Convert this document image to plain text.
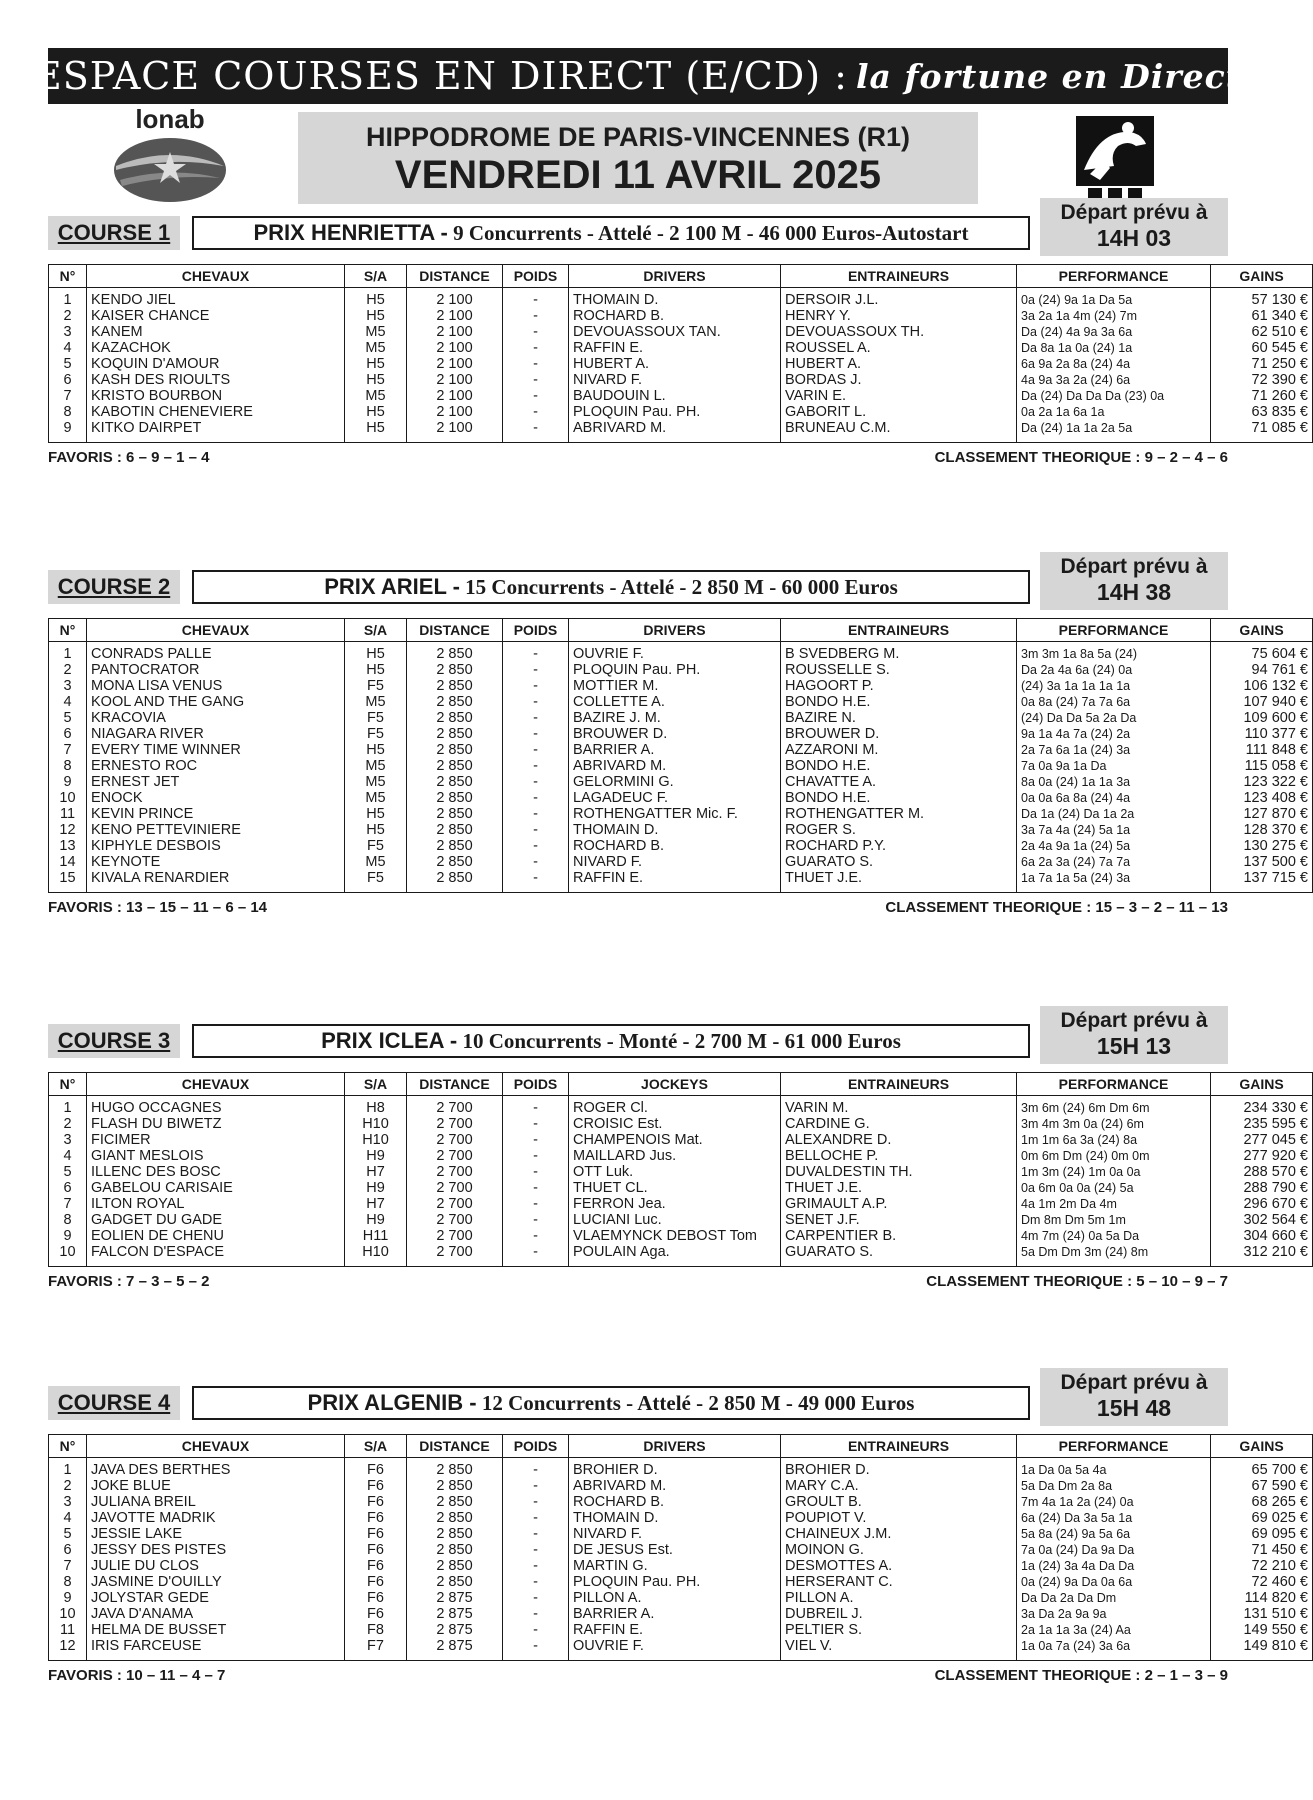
ESPACE COURSES EN DIRECT (E/CD) : la fortune en Direct
lonab
HIPPODROME DE PARIS-VINCENNES (R1)
VENDREDI 11 AVRIL 2025
COURSE 1	PRIX HENRIETTA - 9 Concurrents - Attelé - 2 100 M - 46 000 Euros-Autostart
Départ prévu à
14H 03
N°	CHEVAUX	S/A	DISTANCE	POIDS	DRIVERS	ENTRAINEURS	PERFORMANCE	GAINS
1	KENDO JIEL	H5	2 100	-	THOMAIN D.	DERSOIR J.L.	0a (24) 9a 1a Da 5a	57 130 €
2	KAISER CHANCE	H5	2 100	-	ROCHARD B.	HENRY Y.	3a 2a 1a 4m (24) 7m	61 340 €
3	KANEM	M5	2 100	-	DEVOUASSOUX TAN.	DEVOUASSOUX TH.	Da (24) 4a 9a 3a 6a	62 510 €
4	KAZACHOK	M5	2 100	-	RAFFIN E.	ROUSSEL A.	Da 8a 1a 0a (24) 1a	60 545 €
5	KOQUIN D'AMOUR	H5	2 100	-	HUBERT A.	HUBERT A.	6a 9a 2a 8a (24) 4a	71 250 €
6	KASH DES RIOULTS	H5	2 100	-	NIVARD F.	BORDAS J.	4a 9a 3a 2a (24) 6a	72 390 €
7	KRISTO BOURBON	M5	2 100	-	BAUDOUIN L.	VARIN E.	Da (24) Da Da Da (23) 0a	71 260 €
8	KABOTIN CHENEVIERE	H5	2 100	-	PLOQUIN Pau. PH.	GABORIT L.	0a 2a 1a 6a 1a	63 835 €
9	KITKO DAIRPET	H5	2 100	-	ABRIVARD M.	BRUNEAU C.M.	Da (24) 1a 1a 2a 5a	71 085 €
FAVORIS : 6 – 9 – 1 – 4	CLASSEMENT THEORIQUE : 9 – 2 – 4 – 6
COURSE 2	PRIX ARIEL - 15 Concurrents - Attelé - 2 850 M - 60 000 Euros
Départ prévu à
14H 38
N°	CHEVAUX	S/A	DISTANCE	POIDS	DRIVERS	ENTRAINEURS	PERFORMANCE	GAINS
1	CONRADS PALLE	H5	2 850	-	OUVRIE F.	B SVEDBERG M.	3m 3m 1a 8a 5a (24)	75 604 €
2	PANTOCRATOR	H5	2 850	-	PLOQUIN Pau. PH.	ROUSSELLE S.	Da 2a 4a 6a (24) 0a	94 761 €
3	MONA LISA VENUS	F5	2 850	-	MOTTIER M.	HAGOORT P.	(24) 3a 1a 1a 1a 1a	106 132 €
4	KOOL AND THE GANG	M5	2 850	-	COLLETTE A.	BONDO H.E.	0a 8a (24) 7a 7a 6a	107 940 €
5	KRACOVIA	F5	2 850	-	BAZIRE J. M.	BAZIRE N.	(24) Da Da 5a 2a Da	109 600 €
6	NIAGARA RIVER	F5	2 850	-	BROUWER D.	BROUWER D.	9a 1a 4a 7a (24) 2a	110 377 €
7	EVERY TIME WINNER	H5	2 850	-	BARRIER A.	AZZARONI M.	2a 7a 6a 1a (24) 3a	111 848 €
8	ERNESTO ROC	M5	2 850	-	ABRIVARD M.	BONDO H.E.	7a 0a 9a 1a Da	115 058 €
9	ERNEST JET	M5	2 850	-	GELORMINI G.	CHAVATTE A.	8a 0a (24) 1a 1a 3a	123 322 €
10	ENOCK	M5	2 850	-	LAGADEUC F.	BONDO H.E.	0a 0a 6a 8a (24) 4a	123 408 €
11	KEVIN PRINCE	H5	2 850	-	ROTHENGATTER Mic. F.	ROTHENGATTER M.	Da 1a (24) Da 1a 2a	127 870 €
12	KENO PETTEVINIERE	H5	2 850	-	THOMAIN D.	ROGER S.	3a 7a 4a (24) 5a 1a	128 370 €
13	KIPHYLE DESBOIS	F5	2 850	-	ROCHARD B.	ROCHARD P.Y.	2a 4a 9a 1a (24) 5a	130 275 €
14	KEYNOTE	M5	2 850	-	NIVARD F.	GUARATO S.	6a 2a 3a (24) 7a 7a	137 500 €
15	KIVALA RENARDIER	F5	2 850	-	RAFFIN E.	THUET J.E.	1a 7a 1a 5a (24) 3a	137 715 €
FAVORIS : 13 – 15 – 11 – 6 – 14	CLASSEMENT THEORIQUE : 15 – 3 – 2 – 11 – 13
COURSE 3	PRIX ICLEA - 10 Concurrents - Monté - 2 700 M - 61 000 Euros
Départ prévu à
15H 13
N°	CHEVAUX	S/A	DISTANCE	POIDS	JOCKEYS	ENTRAINEURS	PERFORMANCE	GAINS
1	HUGO OCCAGNES	H8	2 700	-	ROGER Cl.	VARIN M.	3m 6m (24) 6m Dm 6m	234 330 €
2	FLASH DU BIWETZ	H10	2 700	-	CROISIC Est.	CARDINE G.	3m 4m 3m 0a (24) 6m	235 595 €
3	FICIMER	H10	2 700	-	CHAMPENOIS Mat.	ALEXANDRE D.	1m 1m 6a 3a (24) 8a	277 045 €
4	GIANT MESLOIS	H9	2 700	-	MAILLARD Jus.	BELLOCHE P.	0m 6m Dm (24) 0m 0m	277 920 €
5	ILLENC DES BOSC	H7	2 700	-	OTT Luk.	DUVALDESTIN TH.	1m 3m (24) 1m 0a 0a	288 570 €
6	GABELOU CARISAIE	H9	2 700	-	THUET CL.	THUET J.E.	0a 6m 0a 0a (24) 5a	288 790 €
7	ILTON ROYAL	H7	2 700	-	FERRON Jea.	GRIMAULT A.P.	4a 1m 2m Da 4m	296 670 €
8	GADGET DU GADE	H9	2 700	-	LUCIANI Luc.	SENET J.F.	Dm 8m Dm 5m 1m	302 564 €
9	EOLIEN DE CHENU	H11	2 700	-	VLAEMYNCK DEBOST Tom	CARPENTIER B.	4m 7m (24) 0a 5a Da	304 660 €
10	FALCON D'ESPACE	H10	2 700	-	POULAIN Aga.	GUARATO S.	5a Dm Dm 3m (24) 8m	312 210 €
FAVORIS : 7 – 3 – 5 – 2	CLASSEMENT THEORIQUE : 5 – 10 – 9 – 7
COURSE 4	PRIX ALGENIB - 12 Concurrents - Attelé - 2 850 M - 49 000 Euros
Départ prévu à
15H 48
N°	CHEVAUX	S/A	DISTANCE	POIDS	DRIVERS	ENTRAINEURS	PERFORMANCE	GAINS
1	JAVA DES BERTHES	F6	2 850	-	BROHIER D.	BROHIER D.	1a Da 0a 5a 4a	65 700 €
2	JOKE BLUE	F6	2 850	-	ABRIVARD M.	MARY C.A.	5a Da Dm 2a 8a	67 590 €
3	JULIANA BREIL	F6	2 850	-	ROCHARD B.	GROULT B.	7m 4a 1a 2a (24) 0a	68 265 €
4	JAVOTTE MADRIK	F6	2 850	-	THOMAIN D.	POUPIOT V.	6a (24) Da 3a 5a 1a	69 025 €
5	JESSIE LAKE	F6	2 850	-	NIVARD F.	CHAINEUX J.M.	5a 8a (24) 9a 5a 6a	69 095 €
6	JESSY DES PISTES	F6	2 850	-	DE JESUS Est.	MOINON G.	7a 0a (24) Da 9a Da	71 450 €
7	JULIE DU CLOS	F6	2 850	-	MARTIN G.	DESMOTTES A.	1a (24) 3a 4a Da Da	72 210 €
8	JASMINE D'OUILLY	F6	2 850	-	PLOQUIN Pau. PH.	HERSERANT C.	0a (24) 9a Da 0a 6a	72 460 €
9	JOLYSTAR GEDE	F6	2 875	-	PILLON A.	PILLON A.	Da Da 2a Da Dm	114 820 €
10	JAVA D'ANAMA	F6	2 875	-	BARRIER A.	DUBREIL J.	3a Da 2a 9a 9a	131 510 €
11	HELMA DE BUSSET	F8	2 875	-	RAFFIN E.	PELTIER S.	2a 1a 1a 3a (24) Aa	149 550 €
12	IRIS FARCEUSE	F7	2 875	-	OUVRIE F.	VIEL V.	1a 0a 7a (24) 3a 6a	149 810 €
FAVORIS : 10 – 11 – 4 – 7	CLASSEMENT THEORIQUE : 2 – 1 – 3 – 9
